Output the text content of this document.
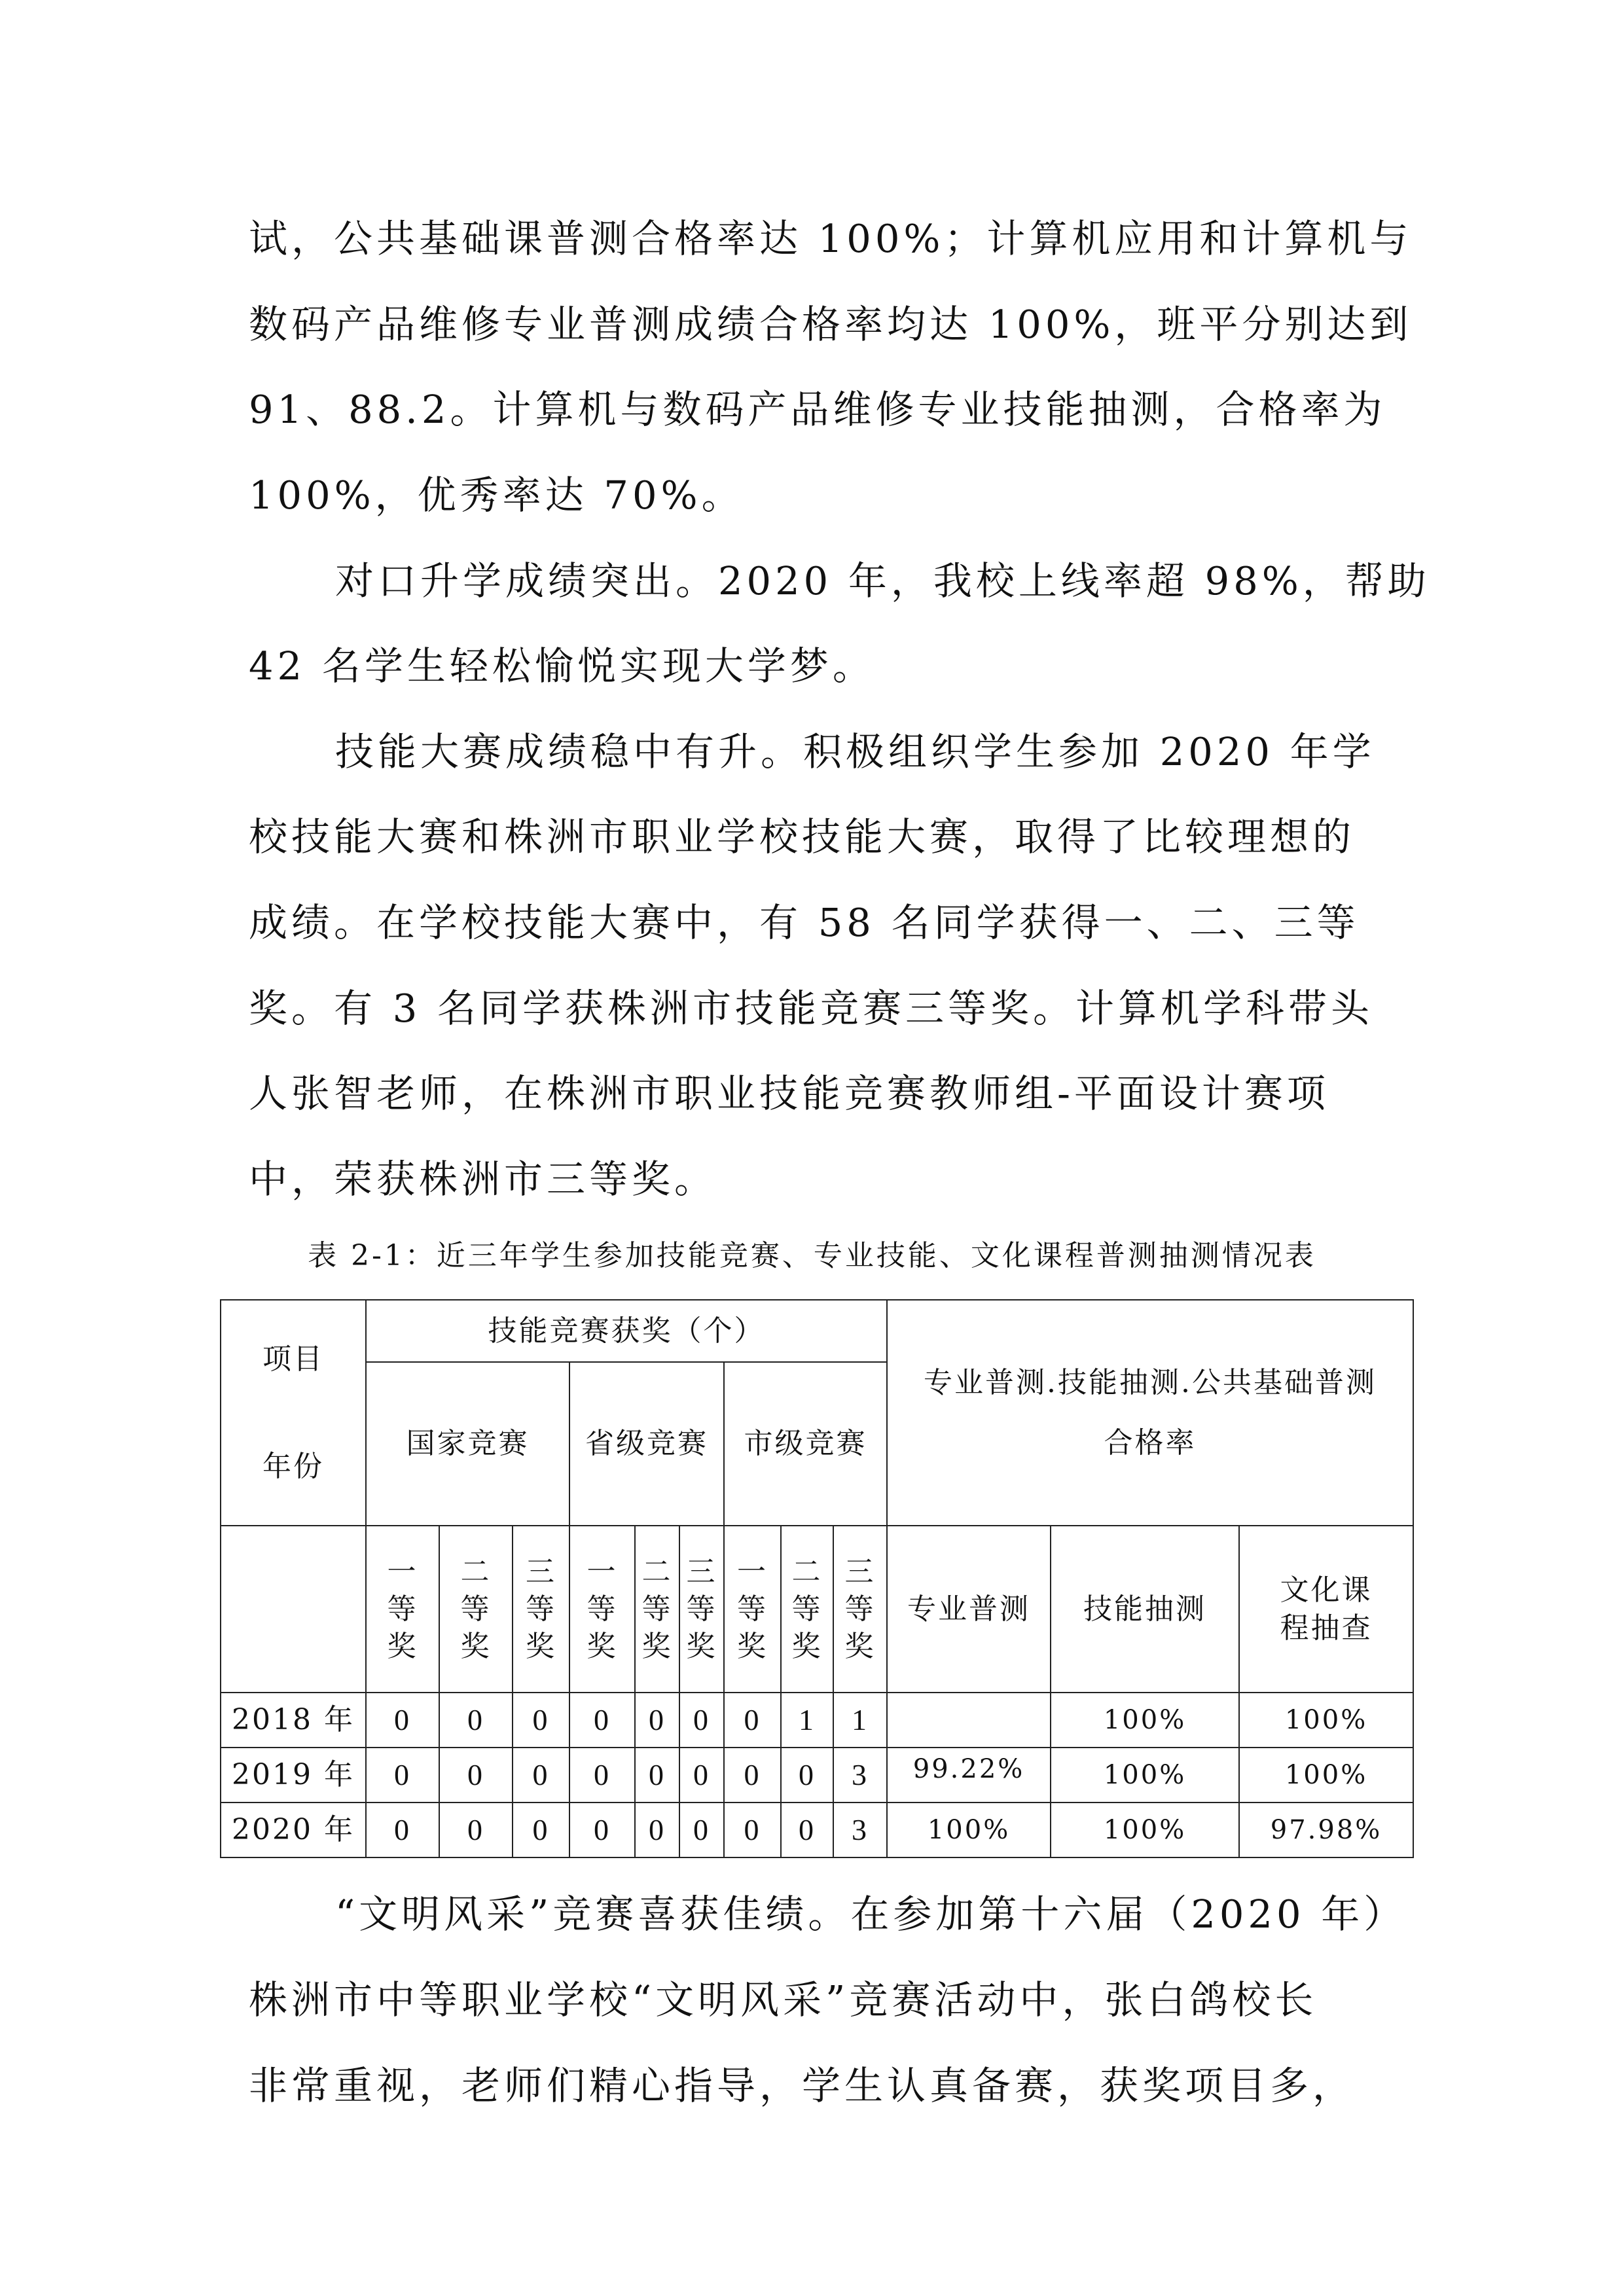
试，公共基础课普测合格率达 100%；计算机应用和计算机与
数码产品维修专业普测成绩合格率均达 100%，班平分别达到
91、88.2。计算机与数码产品维修专业技能抽测，合格率为
100%，优秀率达 70%。
对口升学成绩突出。2020 年，我校上线率超 98%，帮助
42 名学生轻松愉悦实现大学梦。
技能大赛成绩稳中有升。积极组织学生参加 2020 年学
校技能大赛和株洲市职业学校技能大赛，取得了比较理想的
成绩。在学校技能大赛中，有 58 名同学获得一、二、三等
奖。有 3 名同学获株洲市技能竞赛三等奖。计算机学科带头
人张智老师，在株洲市职业技能竞赛教师组-平面设计赛项
中，荣获株洲市三等奖。
表 2-1：近三年学生参加技能竞赛、专业技能、文化课程普测抽测情况表
项目
年份	技能竞赛获奖（个）									专业普测.技能抽测.公共基础普测合格率		
	国家竞赛			省级竞赛			市级竞赛					
	一
等
奖	二
等
奖	三
等
奖	一
等
奖	二
等
奖	三
等
奖	一
等
奖	二
等
奖	三
等
奖	专业普测	技能抽测	文化课
程抽查
2018 年	0	0	0	0	0	0	0	1	1		100%	100%
2019 年	0	0	0	0	0	0	0	0	3	99.22%	100%	100%
2020 年	0	0	0	0	0	0	0	0	3	100%	100%	97.98%
“文明风采”竞赛喜获佳绩。在参加第十六届（2020 年）
株洲市中等职业学校“文明风采”竞赛活动中，张白鸽校长
非常重视，老师们精心指导，学生认真备赛，获奖项目多，
